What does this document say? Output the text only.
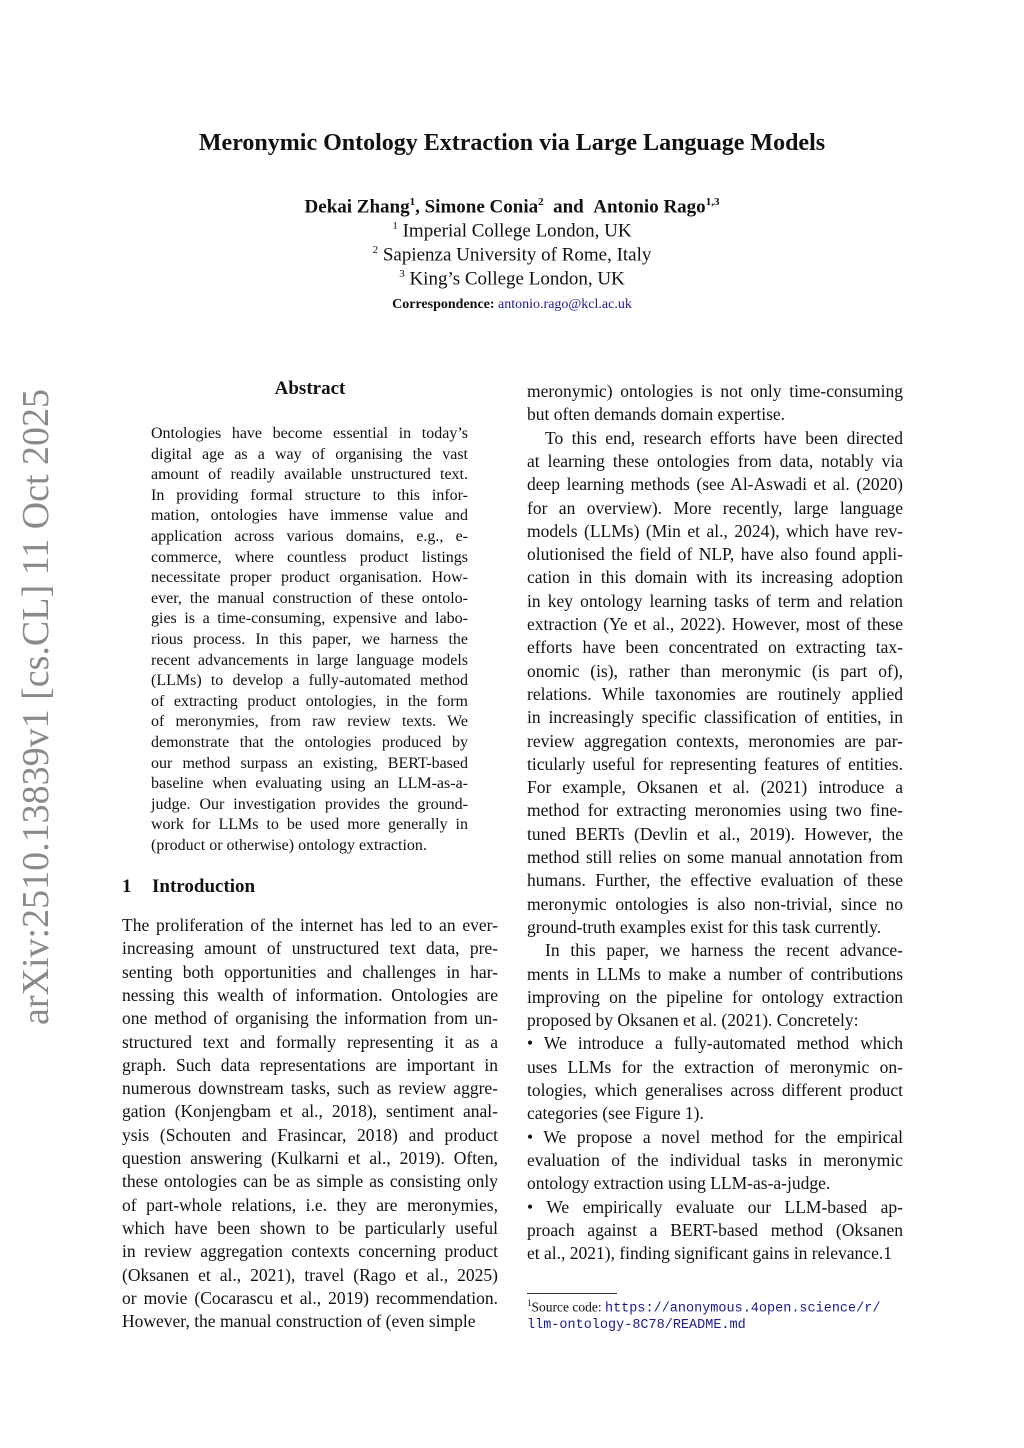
arXiv:2510.13839v1 [cs.CL] 11 Oct 2025
Meronymic Ontology Extraction via Large Language Models
Dekai Zhang$^1$, Simone Conia$^2$  and  Antonio Rago$^{1,3}$
$^1$ Imperial College London, UK
$^2$ Sapienza University of Rome, Italy
$^3$ King’s College London, UK
Correspondence: antonio.rago@kcl.ac.uk
Abstract
Ontologies have become essential in today’s
digital age as a way of organising the vast
amount of readily available unstructured text.
In providing formal structure to this infor-
mation, ontologies have immense value and
application across various domains, e.g., e-
commerce, where countless product listings
necessitate proper product organisation. How-
ever, the manual construction of these ontolo-
gies is a time-consuming, expensive and labo-
rious process. In this paper, we harness the
recent advancements in large language models
(LLMs) to develop a fully-automated method
of extracting product ontologies, in the form
of meronymies, from raw review texts. We
demonstrate that the ontologies produced by
our method surpass an existing, BERT-based
baseline when evaluating using an LLM-as-a-
judge. Our investigation provides the ground-
work for LLMs to be used more generally in
(product or otherwise) ontology extraction.
1 Introduction
The proliferation of the internet has led to an ever-
increasing amount of unstructured text data, pre-
senting both opportunities and challenges in har-
nessing this wealth of information. Ontologies are
one method of organising the information from un-
structured text and formally representing it as a
graph. Such data representations are important in
numerous downstream tasks, such as review aggre-
gation (Konjengbam et al., 2018), sentiment anal-
ysis (Schouten and Frasincar, 2018) and product
question answering (Kulkarni et al., 2019). Often,
these ontologies can be as simple as consisting only
of part-whole relations, i.e. they are meronymies,
which have been shown to be particularly useful
in review aggregation contexts concerning product
(Oksanen et al., 2021), travel (Rago et al., 2025)
or movie (Cocarascu et al., 2019) recommendation.
However, the manual construction of (even simple
meronymic) ontologies is not only time-consuming
but often demands domain expertise.
To this end, research efforts have been directed
at learning these ontologies from data, notably via
deep learning methods (see Al-Aswadi et al. (2020)
for an overview). More recently, large language
models (LLMs) (Min et al., 2024), which have rev-
olutionised the field of NLP, have also found appli-
cation in this domain with its increasing adoption
in key ontology learning tasks of term and relation
extraction (Ye et al., 2022). However, most of these
efforts have been concentrated on extracting tax-
onomic (is), rather than meronymic (is part of),
relations. While taxonomies are routinely applied
in increasingly specific classification of entities, in
review aggregation contexts, meronomies are par-
ticularly useful for representing features of entities.
For example, Oksanen et al. (2021) introduce a
method for extracting meronomies using two fine-
tuned BERTs (Devlin et al., 2019). However, the
method still relies on some manual annotation from
humans. Further, the effective evaluation of these
meronymic ontologies is also non-trivial, since no
ground-truth examples exist for this task currently.
In this paper, we harness the recent advance-
ments in LLMs to make a number of contributions
improving on the pipeline for ontology extraction
proposed by Oksanen et al. (2021). Concretely:
• We introduce a fully-automated method which
uses LLMs for the extraction of meronymic on-
tologies, which generalises across different product
categories (see Figure 1).
• We propose a novel method for the empirical
evaluation of the individual tasks in meronymic
ontology extraction using LLM-as-a-judge.
• We empirically evaluate our LLM-based ap-
proach against a BERT-based method (Oksanen
et al., 2021), finding significant gains in relevance.1
$^1$Source code: https://anonymous.4open.science/r/
llm-ontology-8C78/README.md
